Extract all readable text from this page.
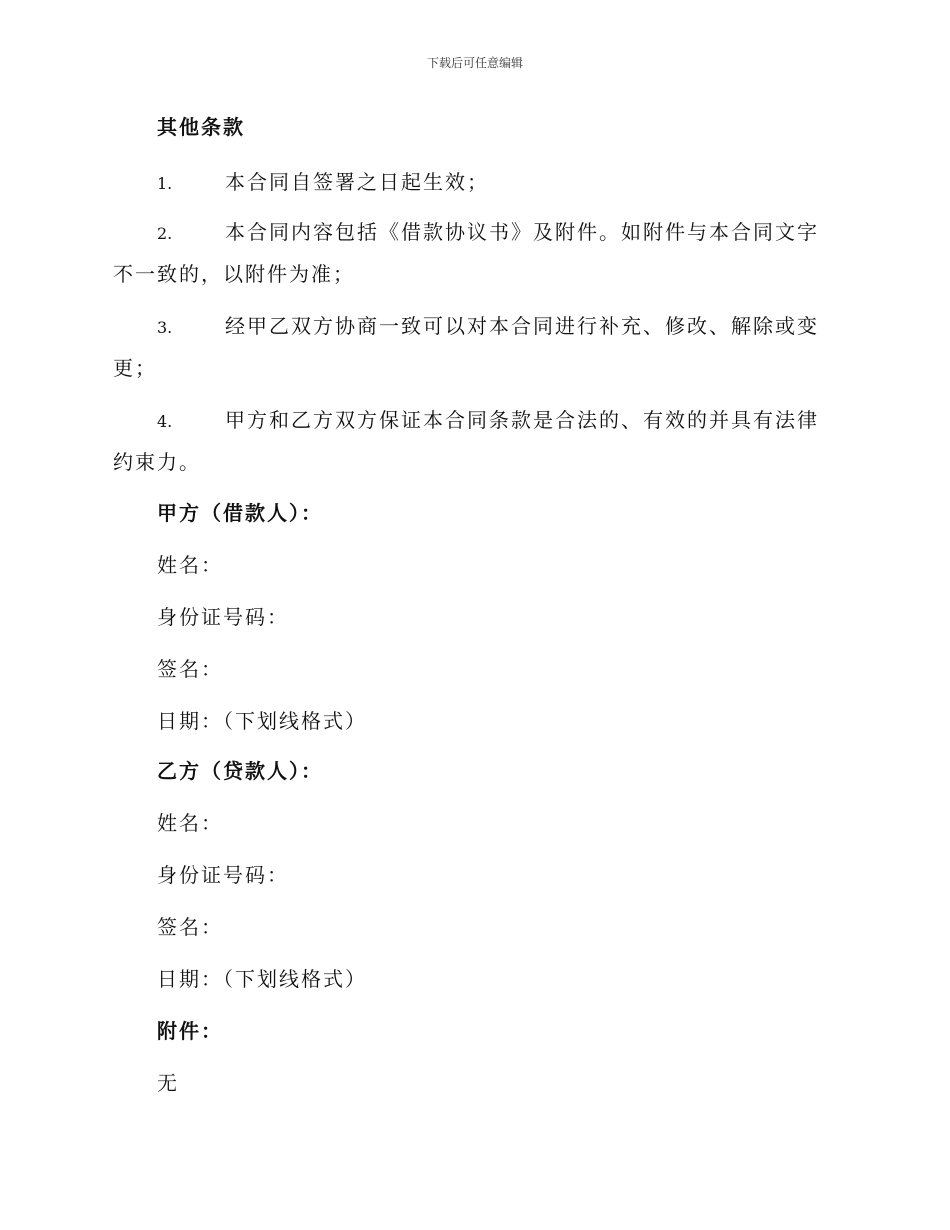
下载后可任意编辑
其他条款
1.	本合同自签署之日起生效；
2.	本合同内容包括《借款协议书》及附件。如附件与本合同文字不一致的，以附件为准；
3.	经甲乙双方协商一致可以对本合同进行补充、修改、解除或变更；
4.	甲方和乙方双方保证本合同条款是合法的、有效的并具有法律约束力。
甲方（借款人）：
姓名：
身份证号码：
签名：
日期：（下划线格式）
乙方（贷款人）：
姓名：
身份证号码：
签名：
日期：（下划线格式）
附件：
无
